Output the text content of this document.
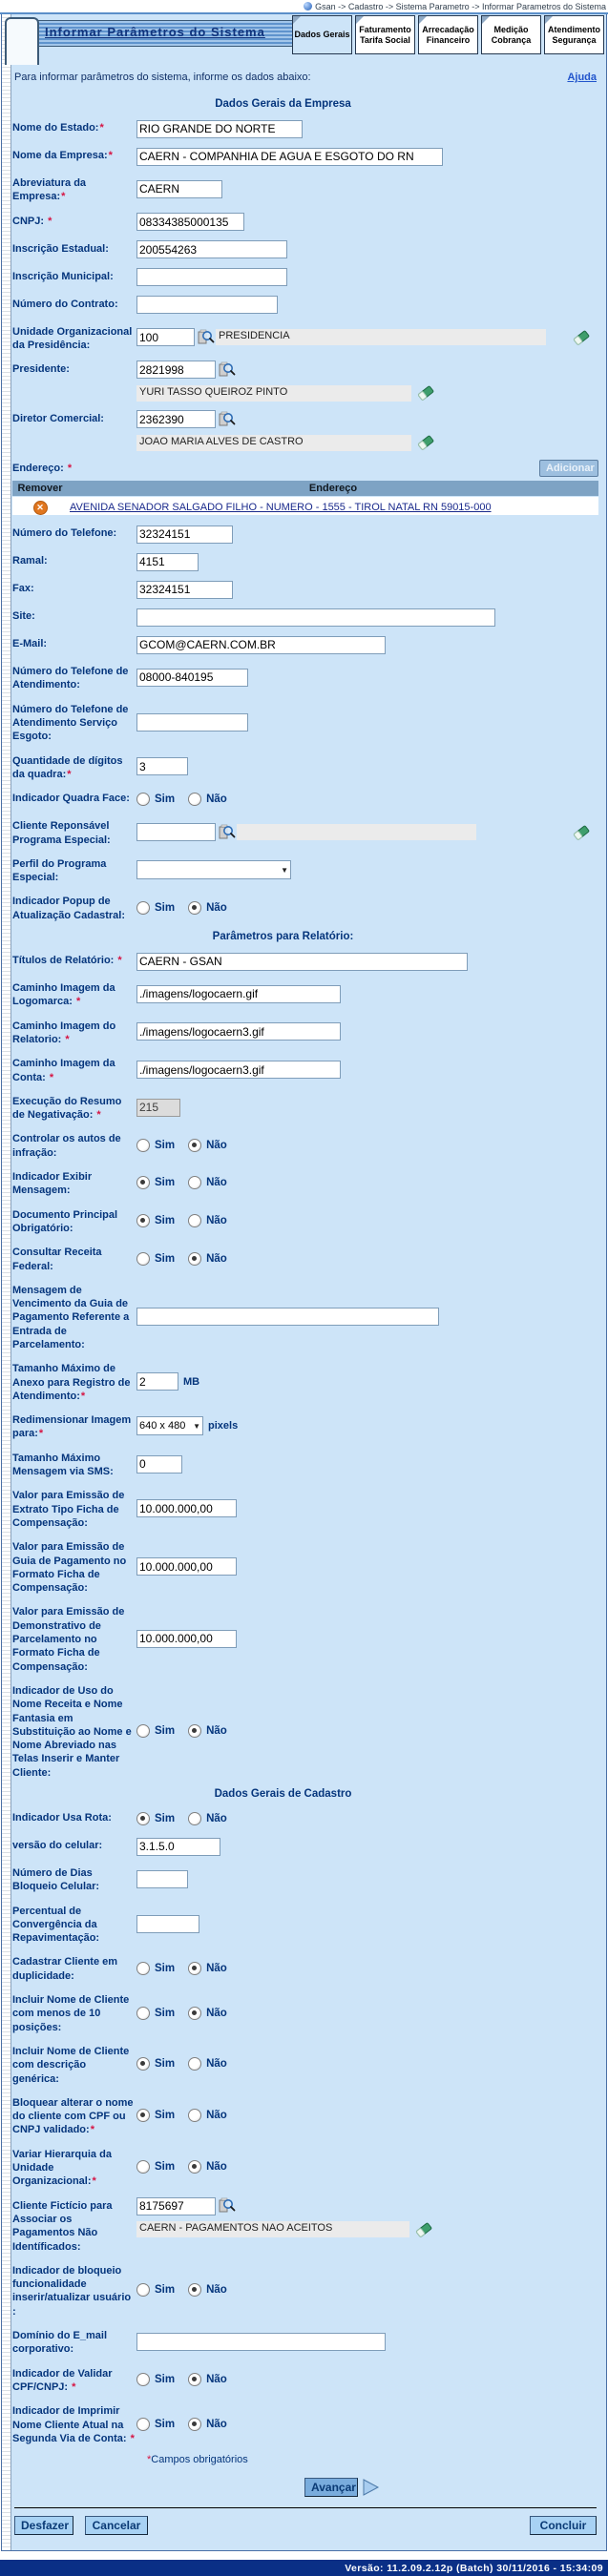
Gsan -> Cadastro -> Sistema Parametro -> Informar Parametros do Sistema
Informar Parâmetros do Sistema	Dados Gerais
Faturamento Tarifa Social
Arrecadação Financeiro
Medição Cobrança
Atendimento Segurança
Para informar parâmetros do sistema, informe os dados abaixo:	Ajuda
Dados Gerais da Empresa
Nome do Estado:*
RIO GRANDE DO NORTE
Nome da Empresa:*
CAERN - COMPANHIA DE AGUA E ESGOTO DO RN
Abreviatura da Empresa:*
CAERN
CNPJ: *
08334385000135
Inscrição Estadual:
200554263
Inscrição Municipal:
Número do Contrato:
Unidade Organizacional da Presidência:
100
PRESIDENCIA
Presidente:
2821998
YURI TASSO QUEIROZ PINTO
Diretor Comercial:
2362390
JOAO MARIA ALVES DE CASTRO
Endereço: *	Adicionar
Remover	Endereço
✕	AVENIDA SENADOR SALGADO FILHO - NUMERO - 1555 - TIROL NATAL RN 59015-000
Número do Telefone:
32324151
Ramal:
4151
Fax:
32324151
Site:
E-Mail:
GCOM@CAERN.COM.BR
Número do Telefone de Atendimento:
08000-840195
Número do Telefone de Atendimento Serviço Esgoto:
Quantidade de dígitos da quadra:*
3
Indicador Quadra Face:	Sim	Não
Cliente Reponsável Programa Especial:
Perfil do Programa Especial:

▼
Indicador Popup de Atualização Cadastral:
Sim	Não
Parâmetros para Relatório:
Títulos de Relatório: *
CAERN - GSAN
Caminho Imagem da Logomarca: *
./imagens/logocaern.gif
Caminho Imagem do Relatorio: *
./imagens/logocaern3.gif
Caminho Imagem da Conta: *
./imagens/logocaern3.gif
Execução do Resumo de Negativação: *
215
Controlar os autos de infração:
Sim	Não
Indicador Exibir Mensagem:
Sim	Não
Documento Principal Obrigatório:
Sim	Não
Consultar Receita Federal:
Sim	Não
Mensagem de Vencimento da Guia de Pagamento Referente a Entrada de Parcelamento:
Tamanho Máximo de Anexo para Registro de Atendimento:*
2
MB
Redimensionar Imagem para:*
640 x 480 ▼ pixels
Tamanho Máximo Mensagem via SMS:
0
Valor para Emissão de Extrato Tipo Ficha de Compensação:
10.000.000,00
Valor para Emissão de Guia de Pagamento no Formato Ficha de Compensação:
10.000.000,00
Valor para Emissão de Demonstrativo de Parcelamento no Formato Ficha de Compensação:
10.000.000,00
Indicador de Uso do Nome Receita e Nome Fantasia em Substituição ao Nome e Nome Abreviado nas Telas Inserir e Manter Cliente:
Sim	Não
Dados Gerais de Cadastro
Indicador Usa Rota:	Sim	Não
versão do celular:
3.1.5.0
Número de Dias Bloqueio Celular:
Percentual de Convergência da Repavimentação:
Cadastrar Cliente em duplicidade:
Sim	Não
Incluir Nome de Cliente com menos de 10 posições:
Sim	Não
Incluir Nome de Cliente com descrição genérica:
Sim	Não
Bloquear alterar o nome do cliente com CPF ou CNPJ validado:*
Sim	Não
Variar Hierarquia da Unidade Organizacional:*
Sim	Não
Cliente Fictício para Associar os Pagamentos Não Identíficados:
8175697
CAERN - PAGAMENTOS NAO ACEITOS
Indicador de bloqueio funcionalidade inserir/atualizar usuário :
Sim	Não
Domínio do E_mail corporativo:
Indicador de Validar CPF/CNPJ: *
Sim	Não
Indicador de Imprimir Nome Cliente Atual na Segunda Via de Conta: *
Sim	Não
*Campos obrigatórios
Avançar
Desfazer	Cancelar	Concluir
Versão: 11.2.09.2.12p (Batch) 30/11/2016 - 15:34:09
